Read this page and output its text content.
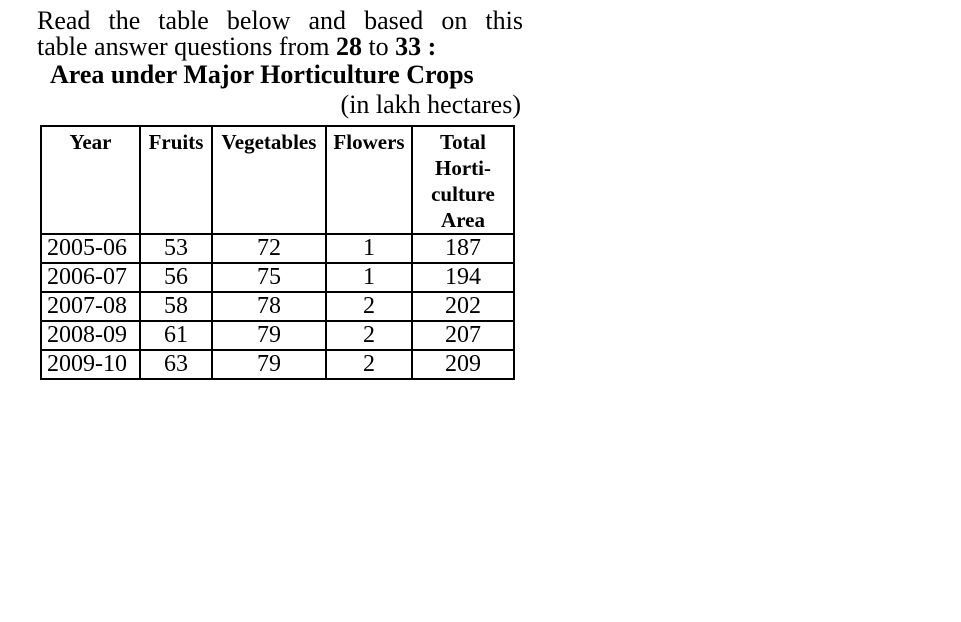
Read the table below and based on this
table answer questions from 28 to 33 :
Area under Major Horticulture Crops
(in lakh hectares)
Year	Fruits	Vegetables	Flowers	Total
Horti-
culture
Area
2005-06	53	72	1	187
2006-07	56	75	1	194
2007-08	58	78	2	202
2008-09	61	79	2	207
2009-10	63	79	2	209
